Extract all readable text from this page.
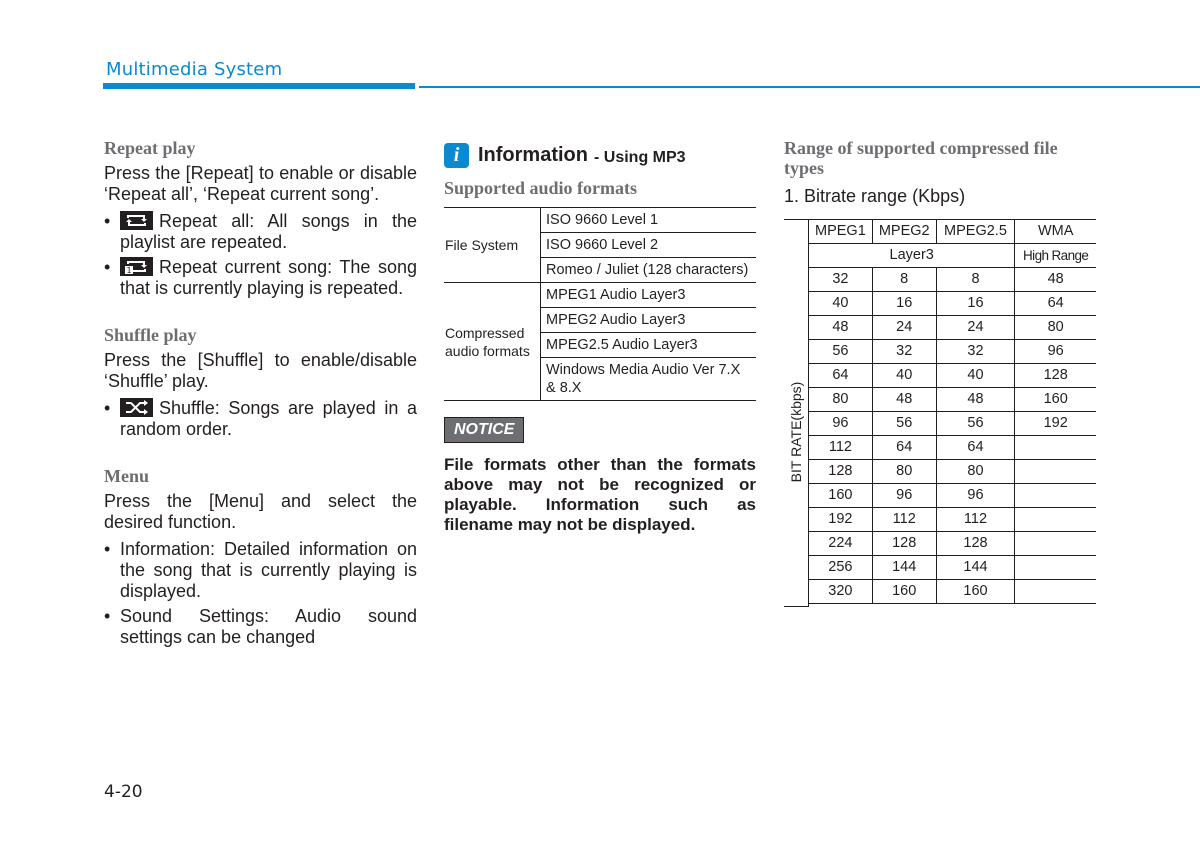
Multimedia System
Repeat play
Press the [Repeat] to enable or disable ‘Repeat all’, ‘Repeat current song’.
• Repeat all: All songs in the playlist are repeated.
• 1 Repeat current song: The song that is currently playing is repeated.
Shuffle play
Press the [Shuffle] to enable/disable ‘Shuffle’ play.
• Shuffle: Songs are played in a random order.
Menu
Press the [Menu] and select the desired function.
• Information: Detailed information on the song that is currently playing is displayed.
• Sound Settings: Audio sound settings can be changed
i Information - Using MP3
Supported audio formats
File System	ISO 9660 Level 1
	ISO 9660 Level 2
	Romeo / Juliet (128 characters)
Compressed audio formats	MPEG1 Audio Layer3
	MPEG2 Audio Layer3
	MPEG2.5 Audio Layer3
	Windows Media Audio Ver 7.X & 8.X
NOTICE
File formats other than the formats above may not be recognized or playable. Information such as filename may not be displayed.
Range of supported compressed file types
1. Bitrate range (Kbps)
BIT RATE(kbps)
MPEG1	MPEG2	MPEG2.5	WMA
Layer3			High Range
32	8	8	48
40	16	16	64
48	24	24	80
56	32	32	96
64	40	40	128
80	48	48	160
96	56	56	192
112	64	64	
128	80	80	
160	96	96	
192	112	112	
224	128	128	
256	144	144	
320	160	160	
4-20
